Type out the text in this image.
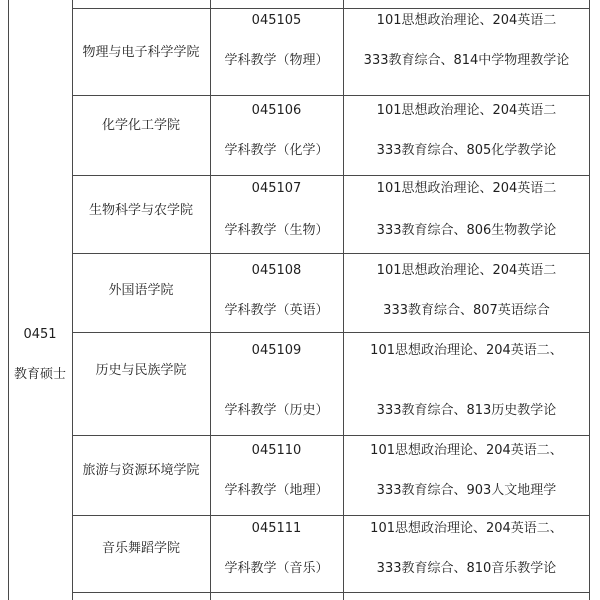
0451
教育硕士
物理与电子科学学院
045105
学科教学（物理）
101思想政治理论、204英语二
333教育综合、814中学物理教学论
化学化工学院
045106
学科教学（化学）
101思想政治理论、204英语二
333教育综合、805化学教学论
生物科学与农学院
045107
学科教学（生物）
101思想政治理论、204英语二
333教育综合、806生物教学论
外国语学院
045108
学科教学（英语）
101思想政治理论、204英语二
333教育综合、807英语综合
历史与民族学院
045109
学科教学（历史）
101思想政治理论、204英语二、
333教育综合、813历史教学论
旅游与资源环境学院
045110
学科教学（地理）
101思想政治理论、204英语二、
333教育综合、903人文地理学
音乐舞蹈学院
045111
学科教学（音乐）
101思想政治理论、204英语二、
333教育综合、810音乐教学论
